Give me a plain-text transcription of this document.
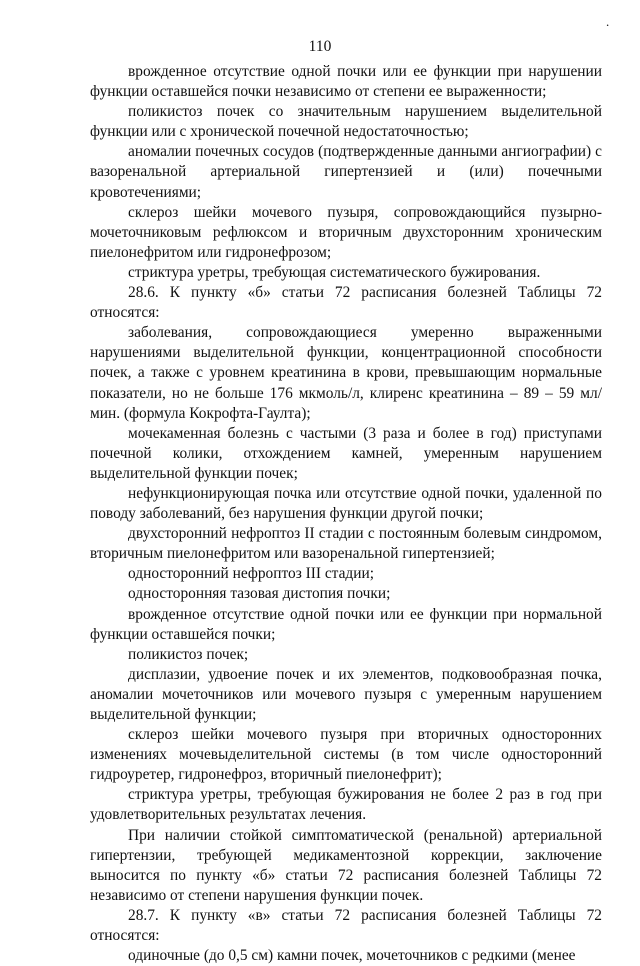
.
110

врожденное отсутствие одной почки или ее функции при нарушении функции оставшейся почки независимо от степени ее выраженности;

поликистоз почек со значительным нарушением выделительной функции или с хронической почечной недостаточностью;

аномалии почечных сосудов (подтвержденные данными ангиографии) с вазоренальной артериальной гипертензией и (или) почечными кровотечениями;

склероз шейки мочевого пузыря, сопровождающийся пузырно-мочеточниковым рефлюксом и вторичным двухсторонним хроническим пиелонефритом или гидронефрозом;

стриктура уретры, требующая систематического бужирования.

28.6. К пункту «б» статьи 72 расписания болезней Таблицы 72 относятся:

заболевания, сопровождающиеся умеренно выраженными нарушениями выделительной функции, концентрационной способности почек, а также с уровнем креатинина в крови, превышающим нормальные показатели, но не больше 176 мкмоль/л, клиренс креатинина – 89 – 59 мл/мин. (формула Кокрофта-Гаулта);

мочекаменная болезнь с частыми (3 раза и более в год) приступами почечной колики, отхождением камней, умеренным нарушением выделительной функции почек;

нефункционирующая почка или отсутствие одной почки, удаленной по поводу заболеваний, без нарушения функции другой почки;

двухсторонний нефроптоз II стадии с постоянным болевым синдромом, вторичным пиелонефритом или вазоренальной гипертензией;

односторонний нефроптоз III стадии;

односторонняя тазовая дистопия почки;

врожденное отсутствие одной почки или ее функции при нормальной функции оставшейся почки;

поликистоз почек;

дисплазии, удвоение почек и их элементов, подковообразная почка, аномалии мочеточников или мочевого пузыря с умеренным нарушением выделительной функции;

склероз шейки мочевого пузыря при вторичных односторонних изменениях мочевыделительной системы (в том числе односторонний гидроуретер, гидронефроз, вторичный пиелонефрит);

стриктура уретры, требующая бужирования не более 2 раз в год при удовлетворительных результатах лечения.

При наличии стойкой симптоматической (ренальной) артериальной гипертензии, требующей медикаментозной коррекции, заключение выносится по пункту «б» статьи 72 расписания болезней Таблицы 72 независимо от степени нарушения функции почек.

28.7. К пункту «в» статьи 72 расписания болезней Таблицы 72 относятся:

одиночные (до 0,5 см) камни почек, мочеточников с редкими (менее
